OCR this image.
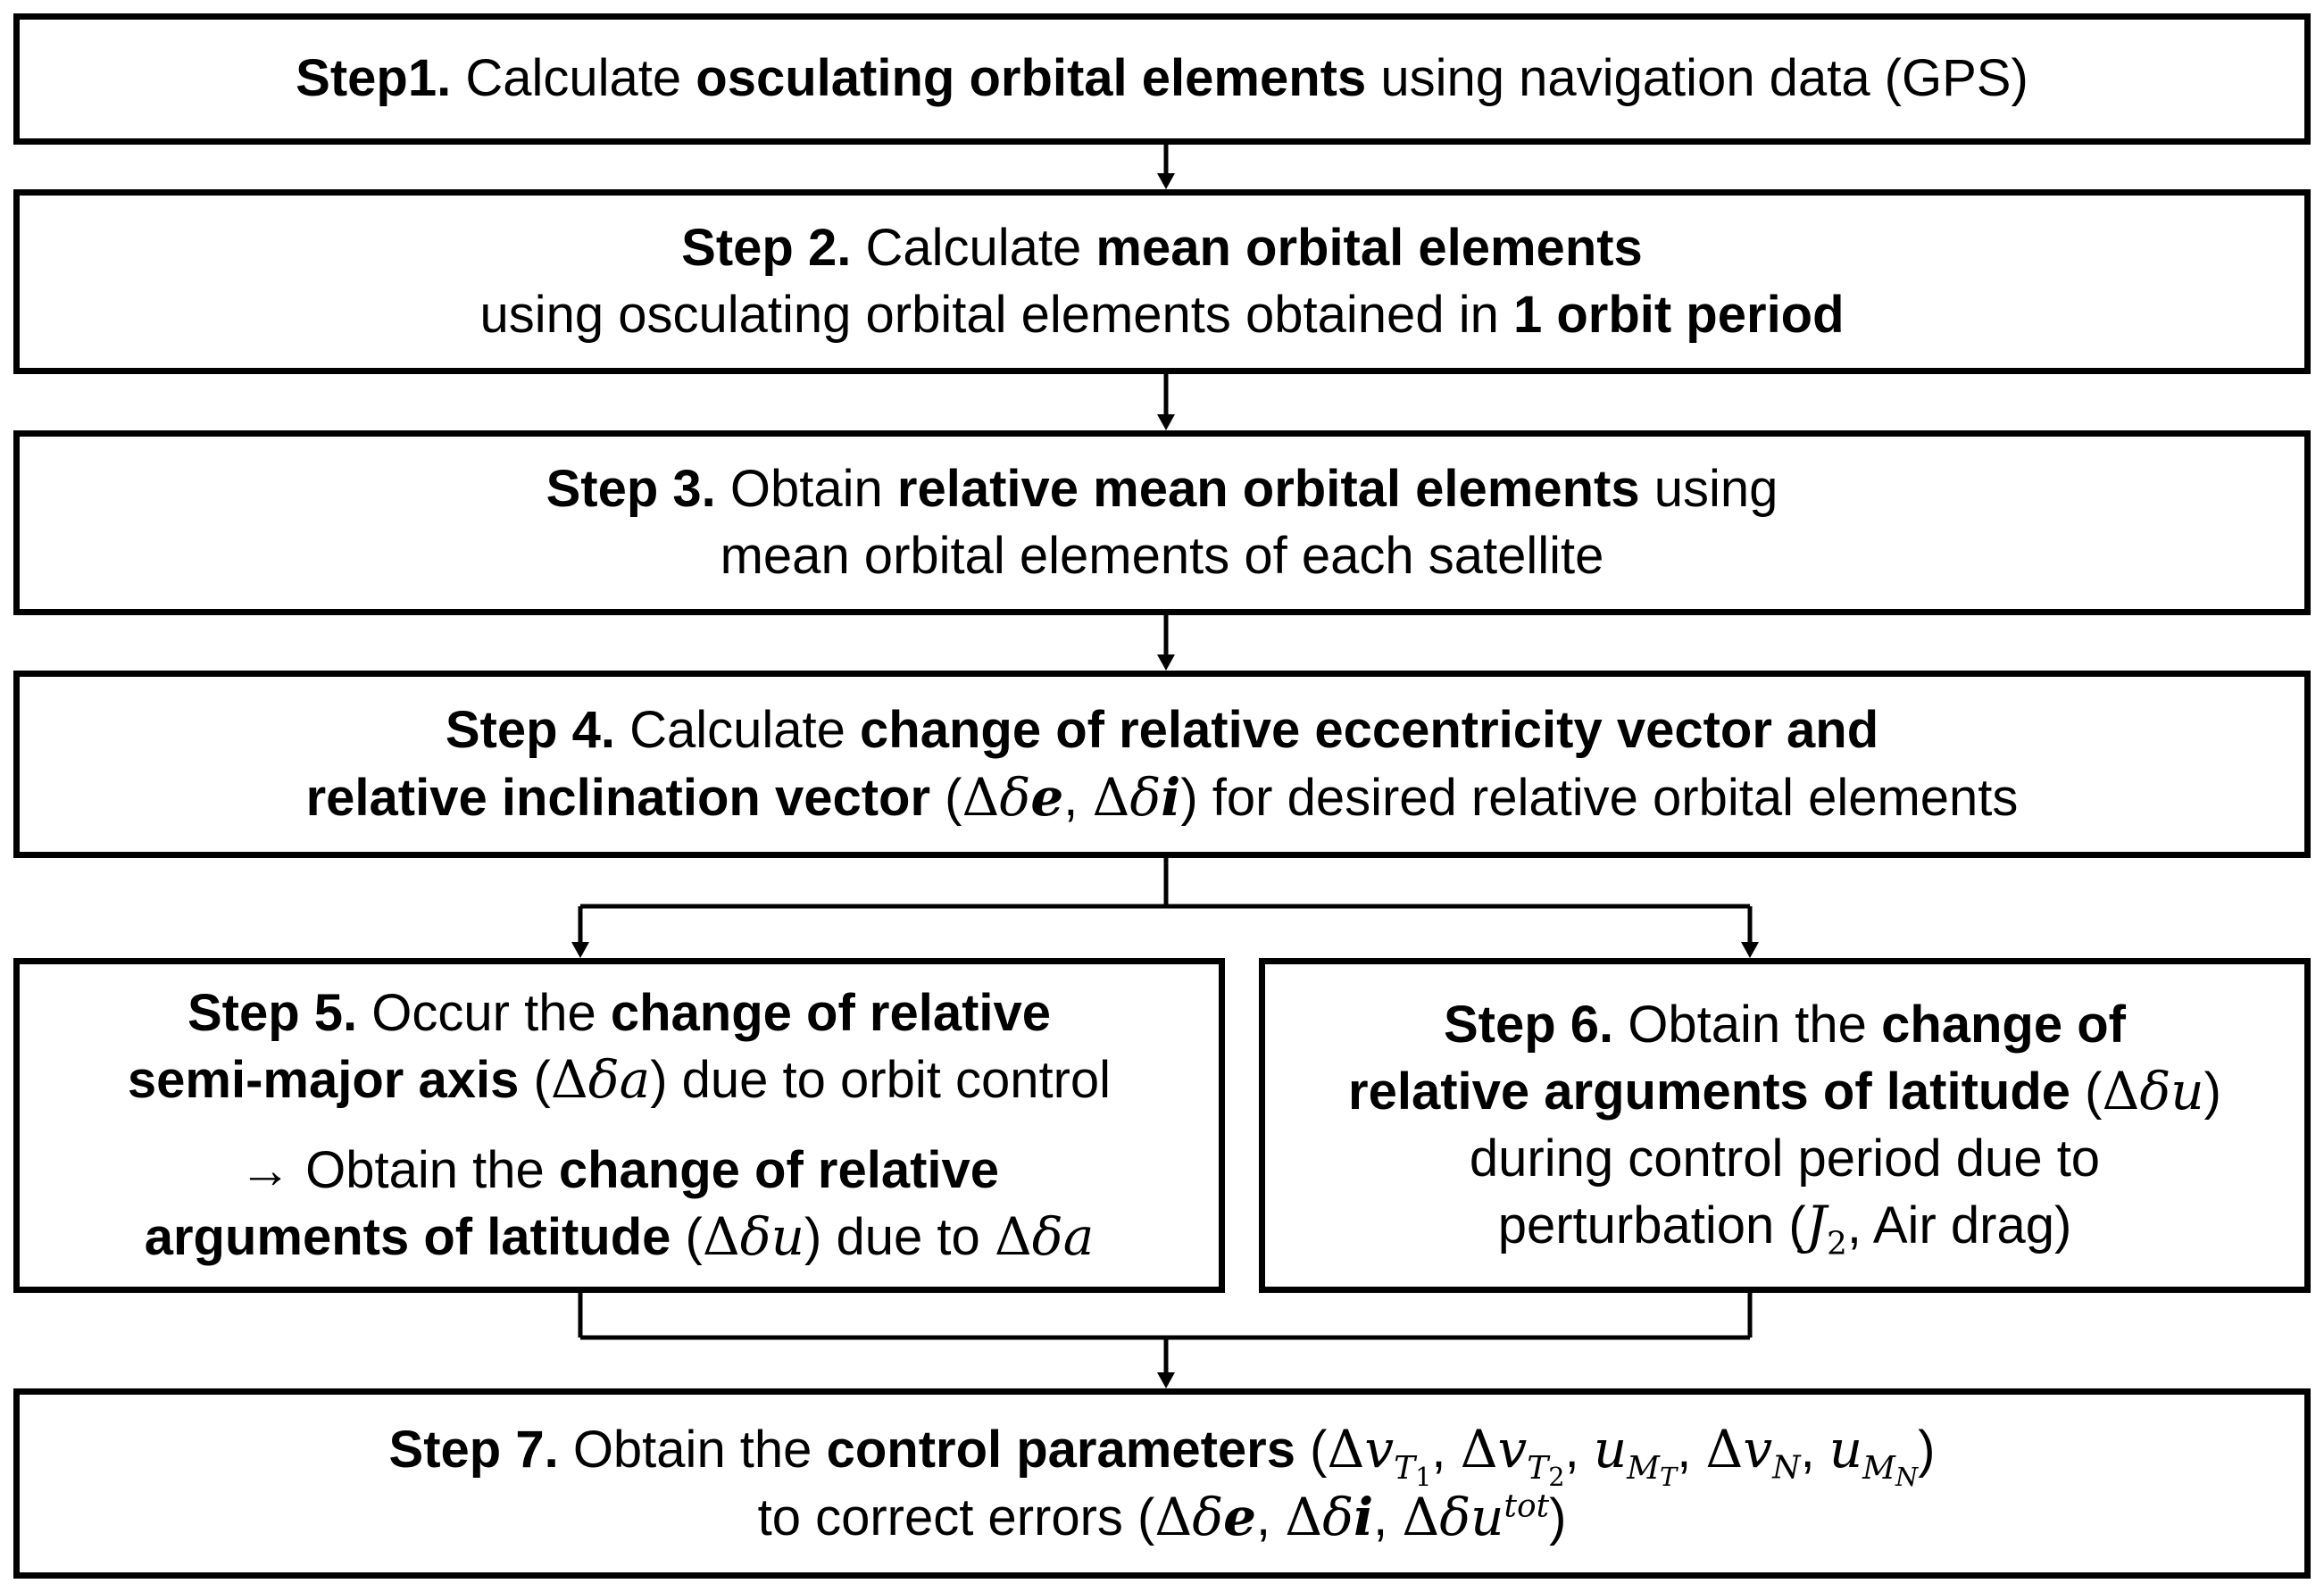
Step1. Calculate osculating orbital elements using navigation data (GPS)
Step 2. Calculate mean orbital elements
using osculating orbital elements obtained in 1 orbit period
Step 3. Obtain relative mean orbital elements using
mean orbital elements of each satellite
Step 4. Calculate change of relative eccentricity vector and
relative inclination vector (Δδe, Δδi) for desired relative orbital elements
Step 5. Occur the change of relative
semi-major axis (Δδa) due to orbit control
→ Obtain the change of relative
arguments of latitude (Δδu) due to Δδa
Step 6. Obtain the change of
relative arguments of latitude (Δδu)
during control period due to
perturbation ($J_2$, Air drag)
Step 7. Obtain the control parameters ($\Delta v_{T_1}$, $\Delta v_{T_2}$, $u_{M_T}$, $\Delta v_N$, $u_{M_N}$)
to correct errors (Δδe, Δδi, Δδu$^{tot}$)
